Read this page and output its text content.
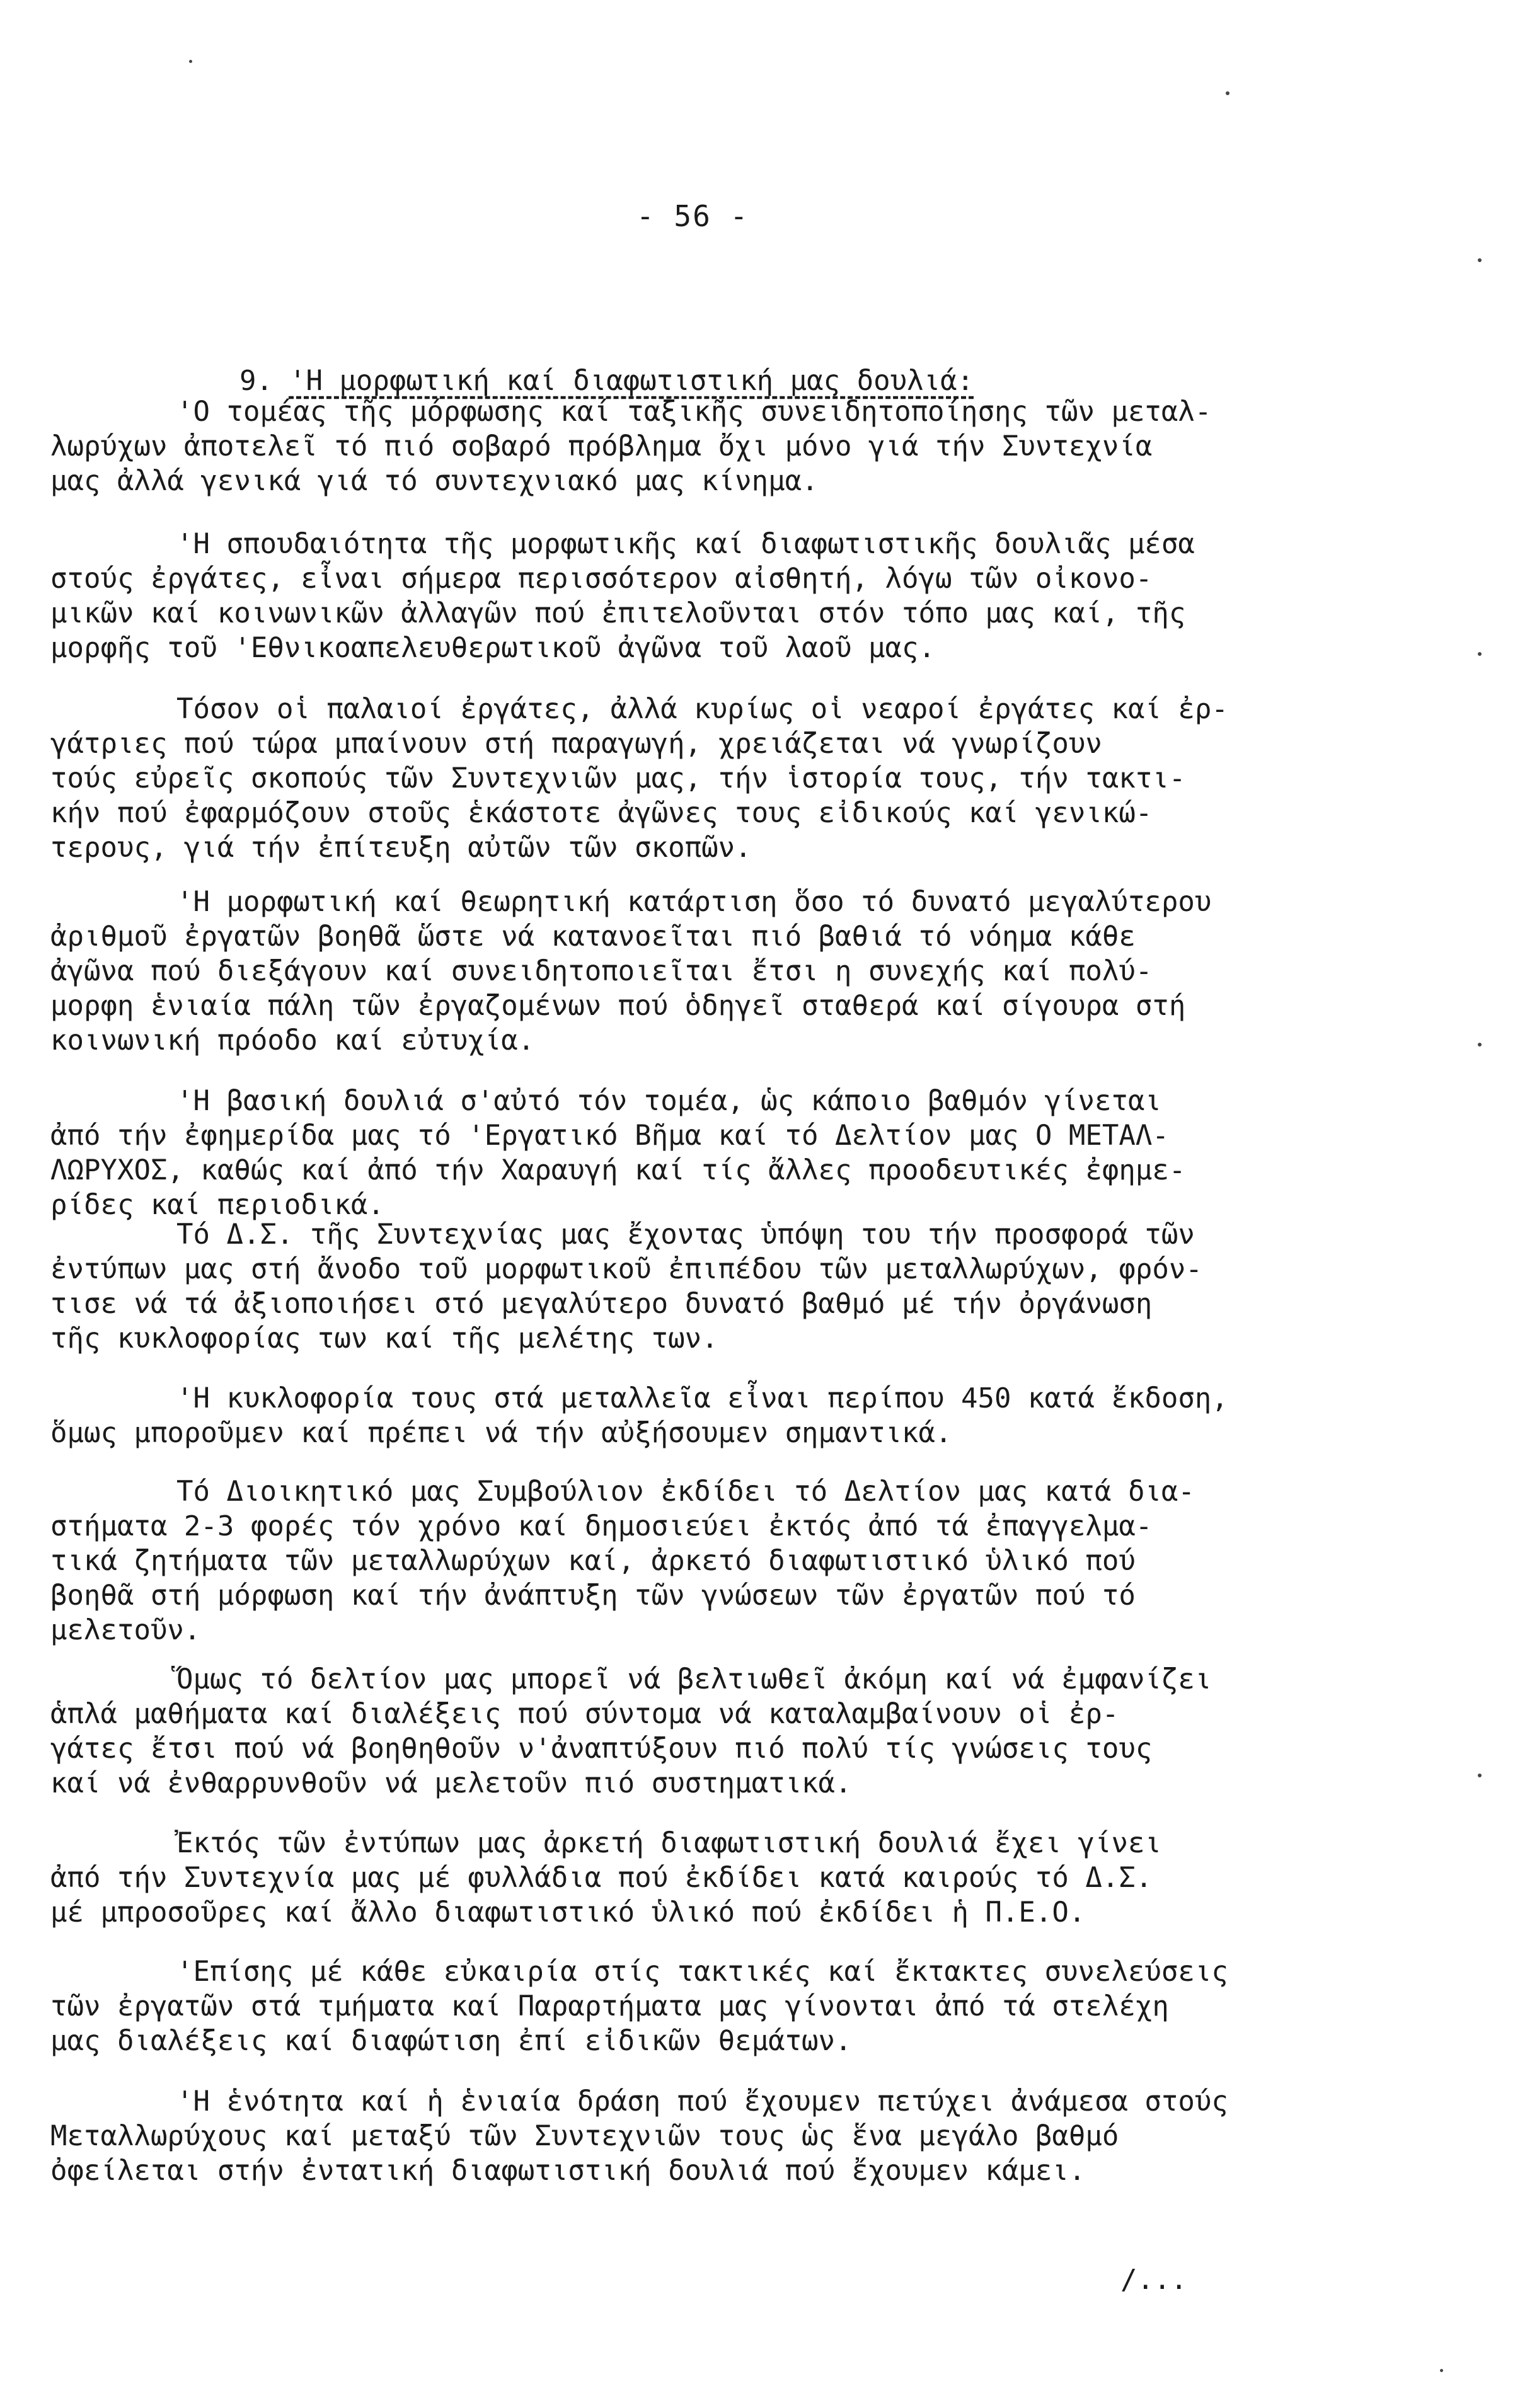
- 56 -

9. 'Η μορφωτική καί διαφωτιστική μας δουλιά:

'Ο τομέας τῆς μόρφωσης καί ταξικῆς συνειδητοποίησης τῶν μεταλ-
λωρύχων ἀποτελεῖ τό πιό σοβαρό πρόβλημα ὄχι μόνο γιά τήν Συντεχνία
μας ἀλλά γενικά γιά τό συντεχνιακό μας κίνημα.
'Η σπουδαιότητα τῆς μορφωτικῆς καί διαφωτιστικῆς δουλιᾶς μέσα
στούς ἐργάτες, εἶναι σήμερα περισσότερον αἰσθητή, λόγω τῶν οἰκονο-
μικῶν καί κοινωνικῶν ἀλλαγῶν πού ἐπιτελοῦνται στόν τόπο μας καί, τῆς
μορφῆς τοῦ 'Εθνικοαπελευθερωτικοῦ ἀγῶνα τοῦ λαοῦ μας.
Τόσον οἱ παλαιοί ἐργάτες, ἀλλά κυρίως οἱ νεαροί ἐργάτες καί ἐρ-
γάτριες πού τώρα μπαίνουν στή παραγωγή, χρειάζεται νά γνωρίζουν
τούς εὐρεῖς σκοπούς τῶν Συντεχνιῶν μας, τήν ἱστορία τους, τήν τακτι-
κήν πού ἐφαρμόζουν στοῦς ἑκάστοτε ἀγῶνες τους εἰδικούς καί γενικώ-
τερους, γιά τήν ἐπίτευξη αὐτῶν τῶν σκοπῶν.
'Η μορφωτική καί θεωρητική κατάρτιση ὅσο τό δυνατό μεγαλύτερου
ἀριθμοῦ ἐργατῶν βοηθᾶ ὥστε νά κατανοεῖται πιό βαθιά τό νόημα κάθε
ἀγῶνα πού διεξάγουν καί συνειδητοποιεῖται ἔτσι η συνεχής καί πολύ-
μορφη ἑνιαία πάλη τῶν ἐργαζομένων πού ὁδηγεῖ σταθερά καί σίγουρα στή
κοινωνική πρόοδο καί εὐτυχία.
'Η βασική δουλιά σ'αὐτό τόν τομέα, ὡς κάποιο βαθμόν γίνεται
ἀπό τήν ἐφημερίδα μας τό 'Εργατικό Βῆμα καί τό Δελτίον μας Ο ΜΕΤΑΛ-
ΛΩΡΥΧΟΣ, καθώς καί ἀπό τήν Χαραυγή καί τίς ἄλλες προοδευτικές ἐφημε-
ρίδες καί περιοδικά.
Τό Δ.Σ. τῆς Συντεχνίας μας ἔχοντας ὑπόψη του τήν προσφορά τῶν
ἐντύπων μας στή ἄνοδο τοῦ μορφωτικοῦ ἐπιπέδου τῶν μεταλλωρύχων, φρόν-
τισε νά τά ἀξιοποιήσει στό μεγαλύτερο δυνατό βαθμό μέ τήν ὀργάνωση
τῆς κυκλοφορίας των καί τῆς μελέτης των.
'Η κυκλοφορία τους στά μεταλλεῖα εἶναι περίπου 450 κατά ἔκδοση,
ὅμως μποροῦμεν καί πρέπει νά τήν αὐξήσουμεν σημαντικά.
Τό Διοικητικό μας Συμβούλιον ἐκδίδει τό Δελτίον μας κατά δια-
στήματα 2-3 φορές τόν χρόνο καί δημοσιεύει ἐκτός ἀπό τά ἐπαγγελμα-
τικά ζητήματα τῶν μεταλλωρύχων καί, ἀρκετό διαφωτιστικό ὑλικό πού
βοηθᾶ στή μόρφωση καί τήν ἀνάπτυξη τῶν γνώσεων τῶν ἐργατῶν πού τό
μελετοῦν.
Ὅμως τό δελτίον μας μπορεῖ νά βελτιωθεῖ ἀκόμη καί νά ἐμφανίζει
ἁπλά μαθήματα καί διαλέξεις πού σύντομα νά καταλαμβαίνουν οἱ ἐρ-
γάτες ἔτσι πού νά βοηθηθοῦν ν'ἀναπτύξουν πιό πολύ τίς γνώσεις τους
καί νά ἐνθαρρυνθοῦν νά μελετοῦν πιό συστηματικά.
Ἐκτός τῶν ἐντύπων μας ἀρκετή διαφωτιστική δουλιά ἔχει γίνει
ἀπό τήν Συντεχνία μας μέ φυλλάδια πού ἐκδίδει κατά καιρούς τό Δ.Σ.
μέ μπροσοῦρες καί ἄλλο διαφωτιστικό ὑλικό πού ἐκδίδει ἡ Π.Ε.Ο.
'Επίσης μέ κάθε εὐκαιρία στίς τακτικές καί ἔκτακτες συνελεύσεις
τῶν ἐργατῶν στά τμήματα καί Παραρτήματα μας γίνονται ἀπό τά στελέχη
μας διαλέξεις καί διαφώτιση ἐπί εἰδικῶν θεμάτων.
'Η ἑνότητα καί ἡ ἑνιαία δράση πού ἔχουμεν πετύχει ἀνάμεσα στούς
Μεταλλωρύχους καί μεταξύ τῶν Συντεχνιῶν τους ὡς ἕνα μεγάλο βαθμό
ὀφείλεται στήν ἐντατική διαφωτιστική δουλιά πού ἔχουμεν κάμει.
/...
